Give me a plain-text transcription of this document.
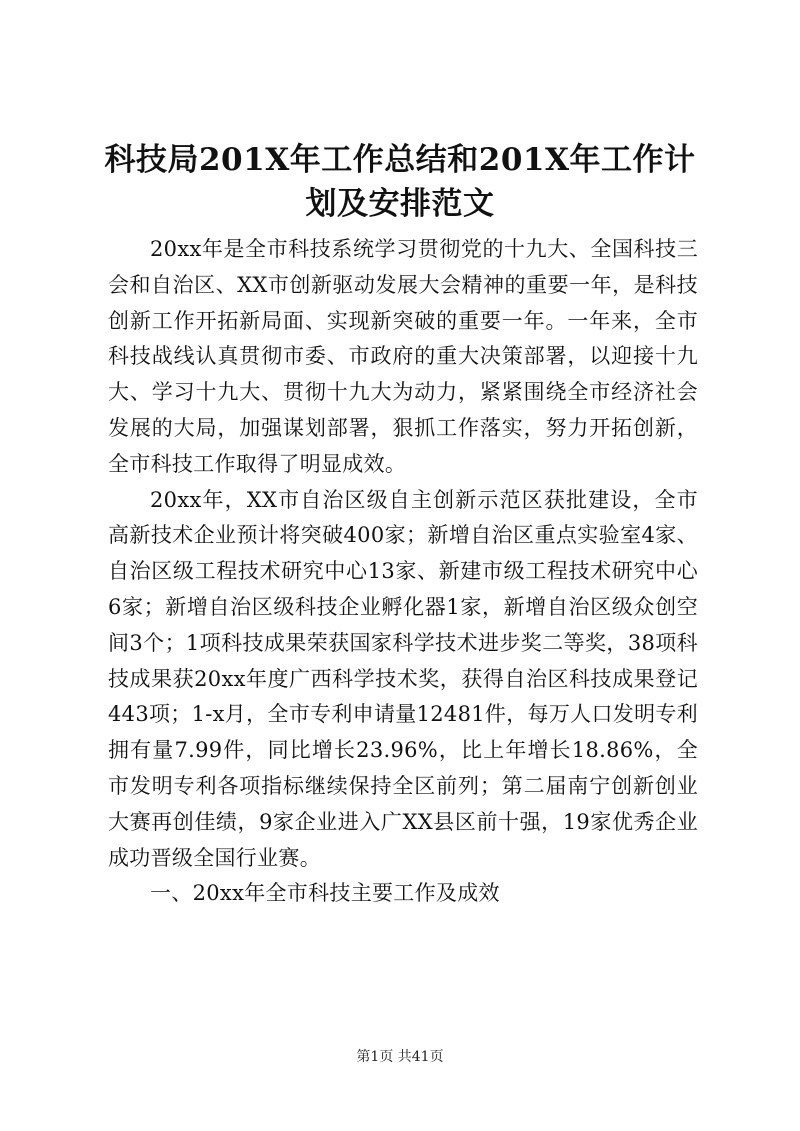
科技局201X年工作总结和201X年工作计划及安排范文

20xx年是全市科技系统学习贯彻党的十九大、全国科技三会和自治区、XX市创新驱动发展大会精神的重要一年，是科技创新工作开拓新局面、实现新突破的重要一年。一年来，全市科技战线认真贯彻市委、市政府的重大决策部署，以迎接十九大、学习十九大、贯彻十九大为动力，紧紧围绕全市经济社会发展的大局，加强谋划部署，狠抓工作落实，努力开拓创新，全市科技工作取得了明显成效。

20xx年，XX市自治区级自主创新示范区获批建设，全市高新技术企业预计将突破400家；新增自治区重点实验室4家、自治区级工程技术研究中心13家、新建市级工程技术研究中心6家；新增自治区级科技企业孵化器1家，新增自治区级众创空间3个；1项科技成果荣获国家科学技术进步奖二等奖，38项科技成果获20xx年度广西科学技术奖，获得自治区科技成果登记443项；1-x月，全市专利申请量12481件，每万人口发明专利拥有量7.99件，同比增长23.96%，比上年增长18.86%，全市发明专利各项指标继续保持全区前列；第二届南宁创新创业大赛再创佳绩，9家企业进入广XX县区前十强，19家优秀企业成功晋级全国行业赛。

一、20xx年全市科技主要工作及成效

第1页 共41页
